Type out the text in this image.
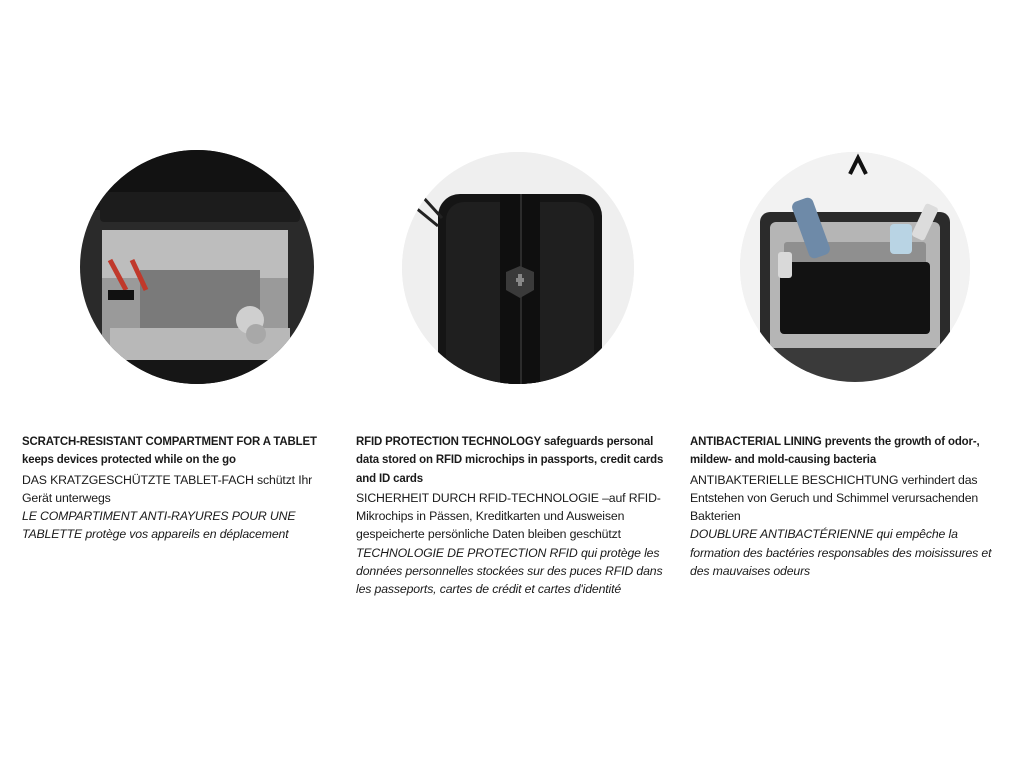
SCRATCH-RESISTANT COMPARTMENT FOR A TABLET keeps devices protected while on the go

DAS KRATZGESCHÜTZTE TABLET-FACH schützt Ihr Gerät unterwegs

LE COMPARTIMENT ANTI-RAYURES POUR UNE TABLETTE protège vos appareils en déplacement

RFID PROTECTION TECHNOLOGY safeguards personal data stored on RFID microchips in passports, credit cards and ID cards

SICHERHEIT DURCH RFID-TECHNOLOGIE –auf RFID-Mikrochips in Pässen, Kreditkarten und Ausweisen gespeicherte persönliche Daten bleiben geschützt

TECHNOLOGIE DE PROTECTION RFID qui protège les données personnelles stockées sur des puces RFID dans les passeports, cartes de crédit et cartes d'identité

ANTIBACTERIAL LINING prevents the growth of odor-, mildew- and mold-causing bacteria

ANTIBAKTERIELLE BESCHICHTUNG verhindert das Entstehen von Geruch und Schimmel verursachenden Bakterien

DOUBLURE ANTIBACTÉRIENNE qui empêche la formation des bactéries responsables des moisissures et des mauvaises odeurs
